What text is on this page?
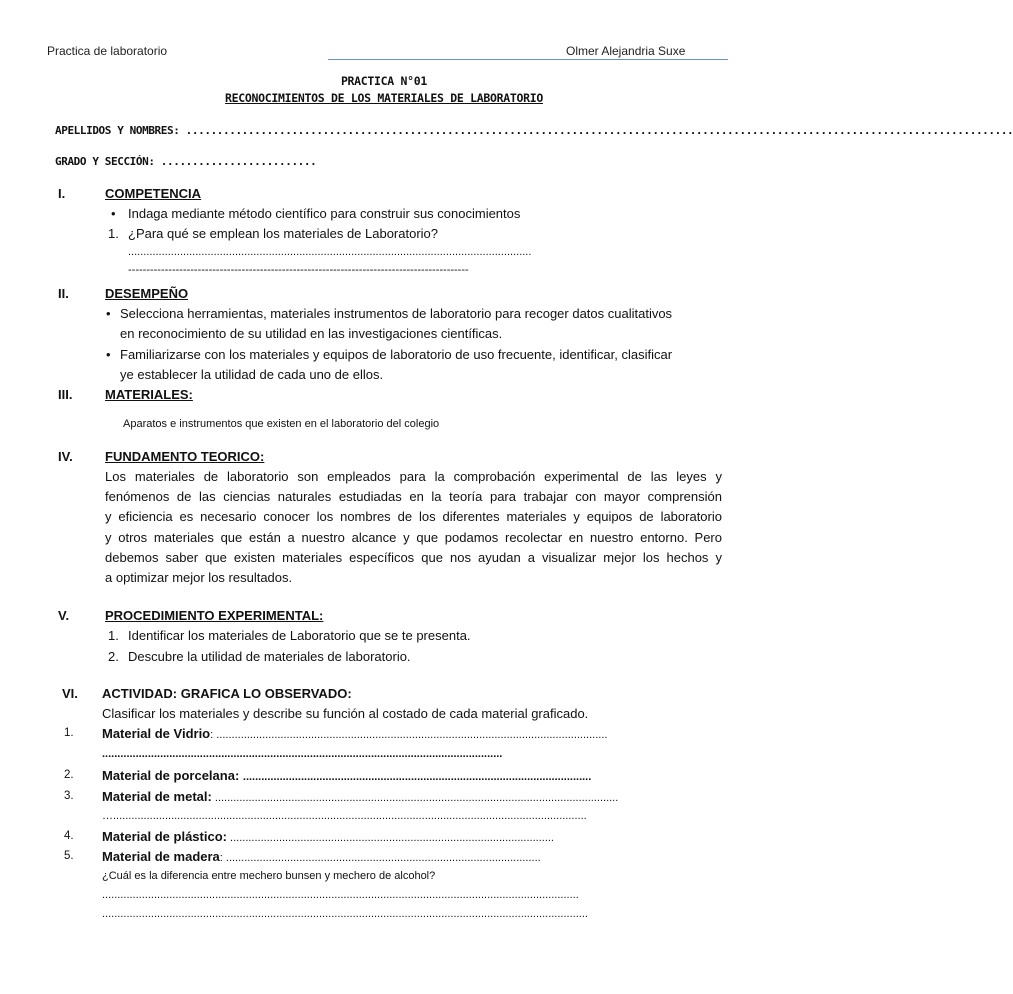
Practica de laboratorio	Olmer Alejandria Suxe
PRACTICA N°01
RECONOCIMIENTOS DE LOS MATERIALES DE LABORATORIO
APELLIDOS Y NOMBRES: .....................................................................................................................................
GRADO Y SECCIÓN: .........................
I.	COMPETENCIA
• Indaga mediante método científico para construir sus conocimientos
1. ¿Para qué se emplean los materiales de Laboratorio?
....................................................................................................................................
---------------------------------------------------------------------------------------------
II.	DESEMPEÑO
• Selecciona herramientas, materiales instrumentos de laboratorio para recoger datos cualitativos
en reconocimiento de su utilidad en las investigaciones científicas.
• Familiarizarse con los materiales y equipos de laboratorio de uso frecuente, identificar, clasificar
ye establecer la utilidad de cada uno de ellos.
III.	MATERIALES:
Aparatos e instrumentos que existen en el laboratorio del colegio
IV. FUNDAMENTO TEORICO:
Los materiales de laboratorio son empleados para la comprobación experimental de las leyes y
fenómenos de las ciencias naturales estudiadas en la teoría para trabajar con mayor comprensión
y eficiencia es necesario conocer los nombres de los diferentes materiales y equipos de laboratorio
y otros materiales que están a nuestro alcance y que podamos recolectar en nuestro entorno. Pero
debemos saber que existen materiales específicos que nos ayudan a visualizar mejor los hechos y
a optimizar mejor los resultados.
V.	PROCEDIMIENTO EXPERIMENTAL:
1. Identificar los materiales de Laboratorio que se te presenta.
2. Descubre la utilidad de materiales de laboratorio.
VI. ACTIVIDAD: GRAFICA LO OBSERVADO:
Clasificar los materiales y describe su función al costado de cada material graficado.
1. Material de Vidrio: ................................................................................................................................
...................................................................................................................................
2. Material de porcelana: ..................................................................................................................
3. Material de metal: ....................................................................................................................................
…...........................................................................................................................................................
4. Material de plástico: ..........................................................................................................
5. Material de madera: .......................................................................................................
¿Cuál es la diferencia entre mechero bunsen y mechero de alcohol?
............................................................................................................................................................
...............................................................................................................................................................
